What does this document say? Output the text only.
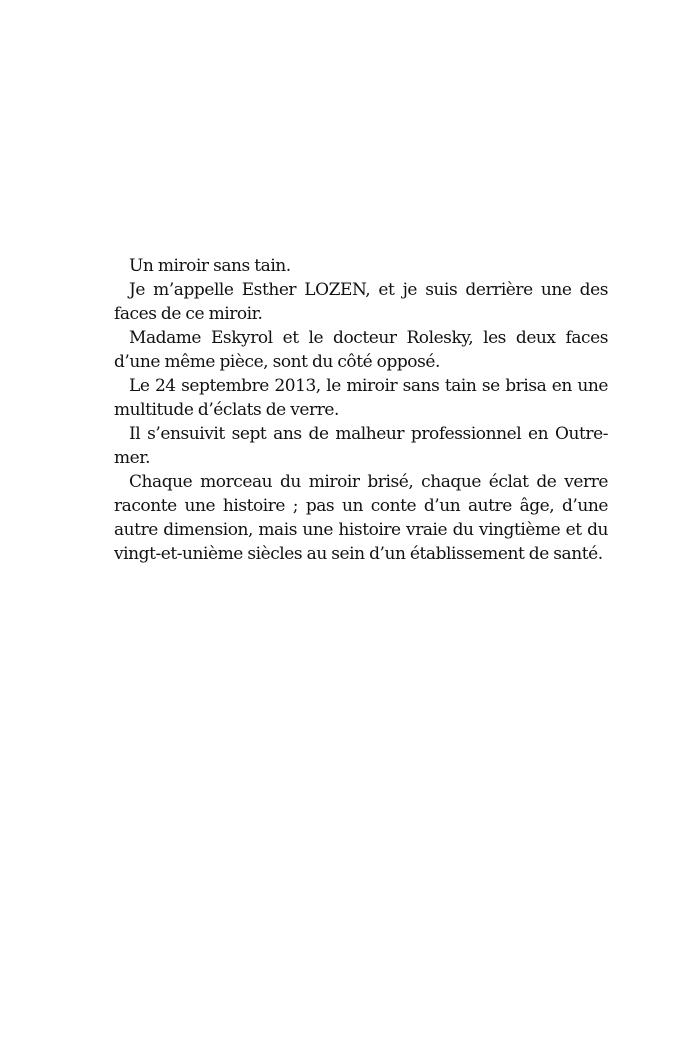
Un miroir sans tain.

Je m’appelle Esther LOZEN, et je suis derrière une des faces de ce miroir.

Madame Eskyrol et le docteur Rolesky, les deux faces d’une même pièce, sont du côté opposé.

Le 24 septembre 2013, le miroir sans tain se brisa en une multitude d’éclats de verre.

Il s’ensuivit sept ans de malheur professionnel en Outre-mer.

Chaque morceau du miroir brisé, chaque éclat de verre raconte une histoire ; pas un conte d’un autre âge, d’une autre dimension, mais une histoire vraie du vingtième et du vingt-et-unième siècles au sein d’un établissement de santé.
